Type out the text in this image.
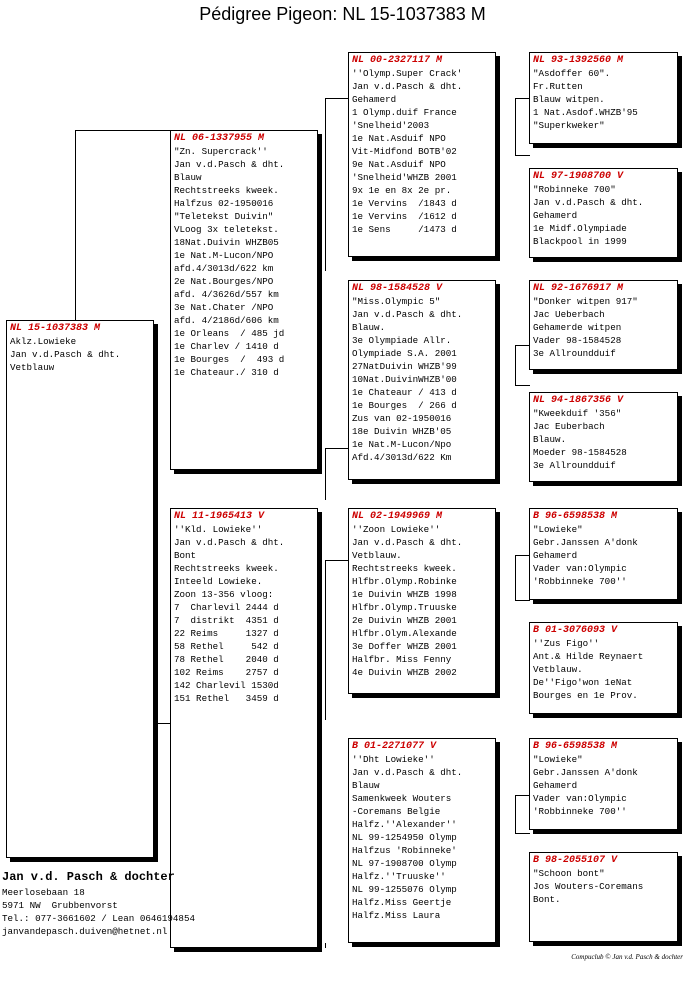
Pédigree Pigeon: NL 15-1037383 M
NL 15-1037383 M
Aklz.Lowieke
Jan v.d.Pasch & dht.
Vetblauw
NL 06-1337955 M
"Zn. Supercrack''
Jan v.d.Pasch & dht.
Blauw
Rechtstreeks kweek.
Halfzus 02-1950016
"Teletekst Duivin"
VLoog 3x teletekst.
18Nat.Duivin WHZB05
1e Nat.M-Lucon/NPO
afd.4/3013d/622 km
2e Nat.Bourges/NPO
afd. 4/3626d/557 km
3e Nat.Chater /NPO
afd. 4/2186d/606 km
1e Orleans  / 485 jd
1e Charlev / 1410 d
1e Bourges  /  493 d
1e Chateaur./ 310 d
NL 11-1965413 V
''Kld. Lowieke''
Jan v.d.Pasch & dht.
Bont
Rechtstreeks kweek.
Inteeld Lowieke.
Zoon 13-356 vloog:
7  Charlevil 2444 d
7  distrikt  4351 d
22 Reims     1327 d
58 Rethel     542 d
78 Rethel    2040 d
102 Reims    2757 d
142 Charlevil 1530d
151 Rethel   3459 d
NL 00-2327117 M
''Olymp.Super Crack'
Jan v.d.Pasch & dht.
Gehamerd
1 Olymp.duif France
'Snelheid'2003
1e Nat.Asduif NPO
Vit-Midfond BOTB'02
9e Nat.Asduif NPO
'Snelheid'WHZB 2001
9x 1e en 8x 2e pr.
1e Vervins  /1843 d
1e Vervins  /1612 d
1e Sens     /1473 d
NL 98-1584528 V
"Miss.Olympic 5"
Jan v.d.Pasch & dht.
Blauw.
3e Olympiade Allr.
Olympiade S.A. 2001
27NatDuivin WHZB'99
10Nat.DuivinWHZB'00
1e Chateaur / 413 d
1e Bourges  / 266 d
Zus van 02-1950016
18e Duivin WHZB'05
1e Nat.M-Lucon/Npo
Afd.4/3013d/622 Km
NL 02-1949969 M
''Zoon Lowieke''
Jan v.d.Pasch & dht.
Vetblauw.
Rechtstreeks kweek.
Hlfbr.Olymp.Robinke
1e Duivin WHZB 1998
Hlfbr.Olymp.Truuske
2e Duivin WHZB 2001
Hlfbr.Olym.Alexande
3e Doffer WHZB 2001
Halfbr. Miss Fenny
4e Duivin WHZB 2002
B 01-2271077 V
''Dht Lowieke''
Jan v.d.Pasch & dht.
Blauw
Samenkweek Wouters
-Coremans Belgie
Halfz.''Alexander''
NL 99-1254950 Olymp
Halfzus 'Robinneke'
NL 97-1908700 Olymp
Halfz.''Truuske''
NL 99-1255076 Olymp
Halfz.Miss Geertje
Halfz.Miss Laura
NL 93-1392560 M
"Asdoffer 60".
Fr.Rutten
Blauw witpen.
1 Nat.Asdof.WHZB'95
"Superkweker"
NL 97-1908700 V
"Robinneke 700"
Jan v.d.Pasch & dht.
Gehamerd
1e Midf.Olympiade
Blackpool in 1999
NL 92-1676917 M
"Donker witpen 917"
Jac Ueberbach
Gehamerde witpen
Vader 98-1584528
3e Allroundduif
NL 94-1867356 V
"Kweekduif '356"
Jac Euberbach
Blauw.
Moeder 98-1584528
3e Allroundduif
B 96-6598538 M
"Lowieke"
Gebr.Janssen A'donk
Gehamerd
Vader van:Olympic
'Robbinneke 700''
B 01-3076093 V
''Zus Figo''
Ant.& Hilde Reynaert
Vetblauw.
De''Figo'won 1eNat
Bourges en 1e Prov.
B 96-6598538 M
"Lowieke"
Gebr.Janssen A'donk
Gehamerd
Vader van:Olympic
'Robbinneke 700''
B 98-2055107 V
"Schoon bont"
Jos Wouters-Coremans
Bont.
Jan v.d. Pasch & dochter
Meerlosebaan 18
5971 NW  Grubbenvorst
Tel.: 077-3661602 / Lean 0646194854
janvandepasch.duiven@hetnet.nl
Compuclub © Jan v.d. Pasch & dochter
